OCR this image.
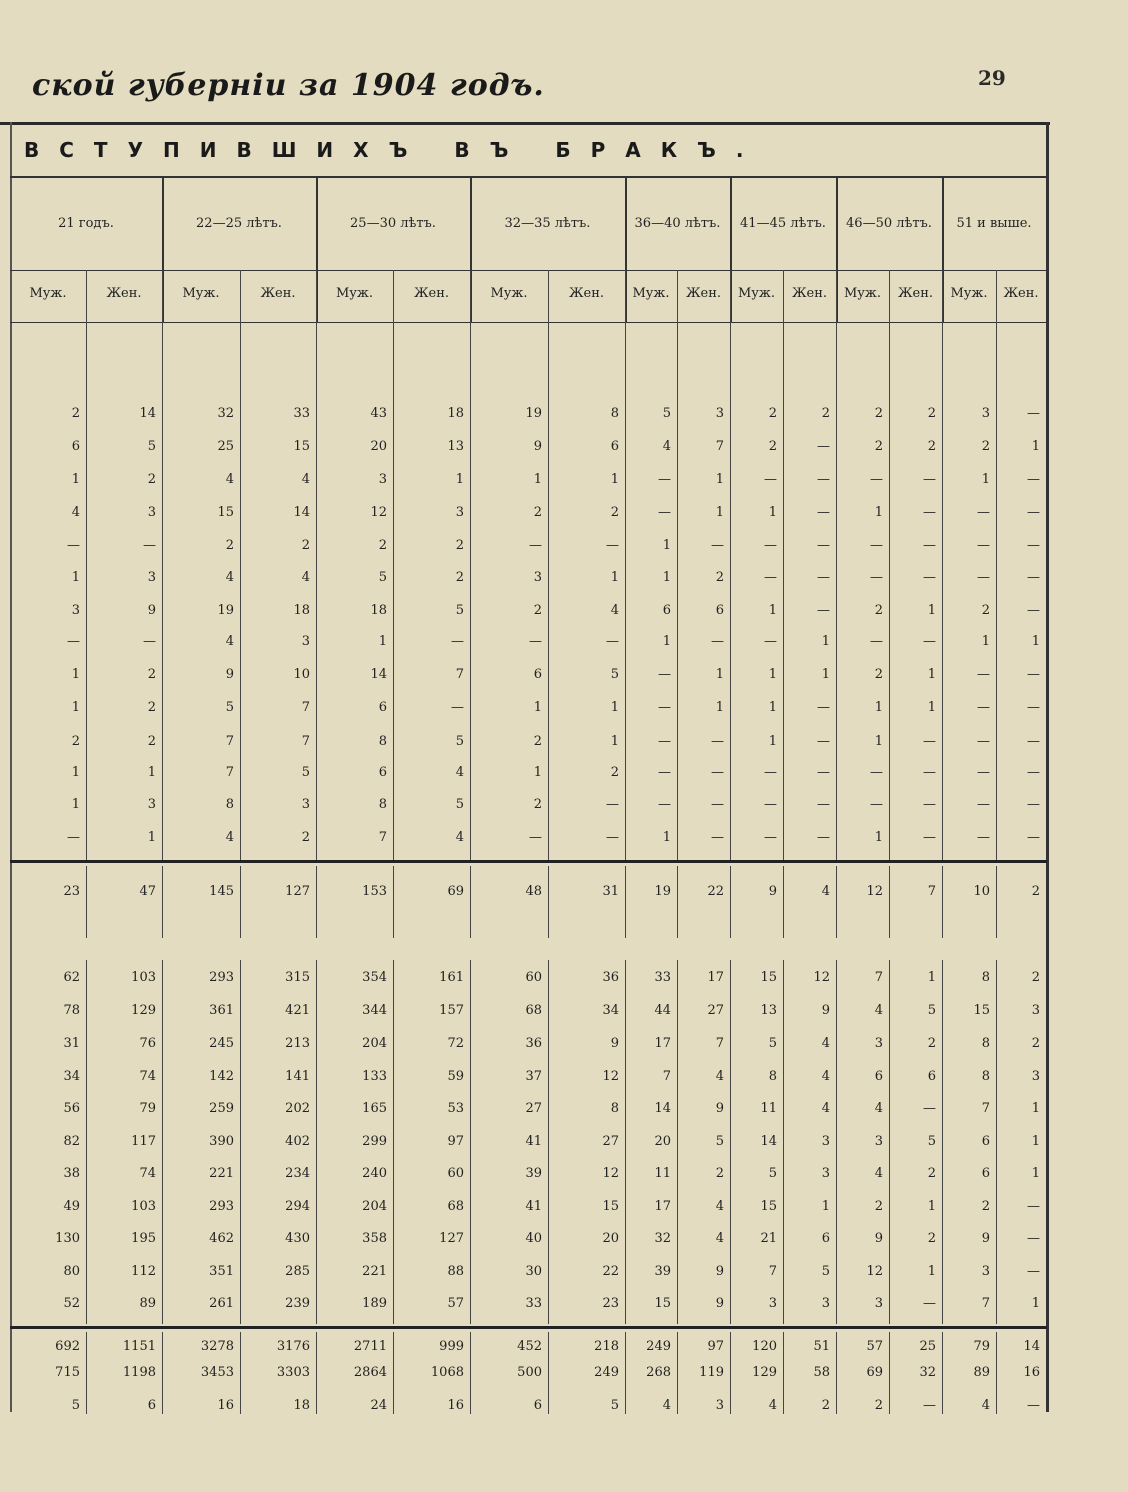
ской губерніи за 1904 годъ.	29
ВСТУПИВШИХЪ ВЪ БРАКЪ.
21 годъ.	22—25 лѣтъ.	25—30 лѣтъ.	32—35 лѣтъ.	36—40 лѣтъ.	41—45 лѣтъ.	46—50 лѣтъ.	51 и выше.
Муж.	Жен.	Муж.	Жен.	Муж.	Жен.	Муж.	Жен.	Муж.	Жен.	Муж.	Жен.	Муж.	Жен.	Муж.	Жен.
2	14	32	33	43	18	19	8	5	3	2	2	2	2	3	—
6	5	25	15	20	13	9	6	4	7	2	—	2	2	2	1
1	2	4	4	3	1	1	1	—	1	—	—	—	—	1	—
4	3	15	14	12	3	2	2	—	1	1	—	1	—	—	—
—	—	2	2	2	2	—	—	1	—	—	—	—	—	—	—
1	3	4	4	5	2	3	1	1	2	—	—	—	—	—	—
3	9	19	18	18	5	2	4	6	6	1	—	2	1	2	—
—	—	4	3	1	—	—	—	1	—	—	1	—	—	1	1
1	2	9	10	14	7	6	5	—	1	1	1	2	1	—	—
1	2	5	7	6	—	1	1	—	1	1	—	1	1	—	—
2	2	7	7	8	5	2	1	—	—	1	—	1	—	—	—
1	1	7	5	6	4	1	2	—	—	—	—	—	—	—	—
1	3	8	3	8	5	2	—	—	—	—	—	—	—	—	—
—	1	4	2	7	4	—	—	1	—	—	—	1	—	—	—
23	47	145	127	153	69	48	31	19	22	9	4	12	7	10	2
62	103	293	315	354	161	60	36	33	17	15	12	7	1	8	2
78	129	361	421	344	157	68	34	44	27	13	9	4	5	15	3
31	76	245	213	204	72	36	9	17	7	5	4	3	2	8	2
34	74	142	141	133	59	37	12	7	4	8	4	6	6	8	3
56	79	259	202	165	53	27	8	14	9	11	4	4	—	7	1
82	117	390	402	299	97	41	27	20	5	14	3	3	5	6	1
38	74	221	234	240	60	39	12	11	2	5	3	4	2	6	1
49	103	293	294	204	68	41	15	17	4	15	1	2	1	2	—
130	195	462	430	358	127	40	20	32	4	21	6	9	2	9	—
80	112	351	285	221	88	30	22	39	9	7	5	12	1	3	—
52	89	261	239	189	57	33	23	15	9	3	3	3	—	7	1
692	1151	3278	3176	2711	999	452	218	249	97	120	51	57	25	79	14
715	1198	3453	3303	2864	1068	500	249	268	119	129	58	69	32	89	16
5	6	16	18	24	16	6	5	4	3	4	2	2	—	4	—
